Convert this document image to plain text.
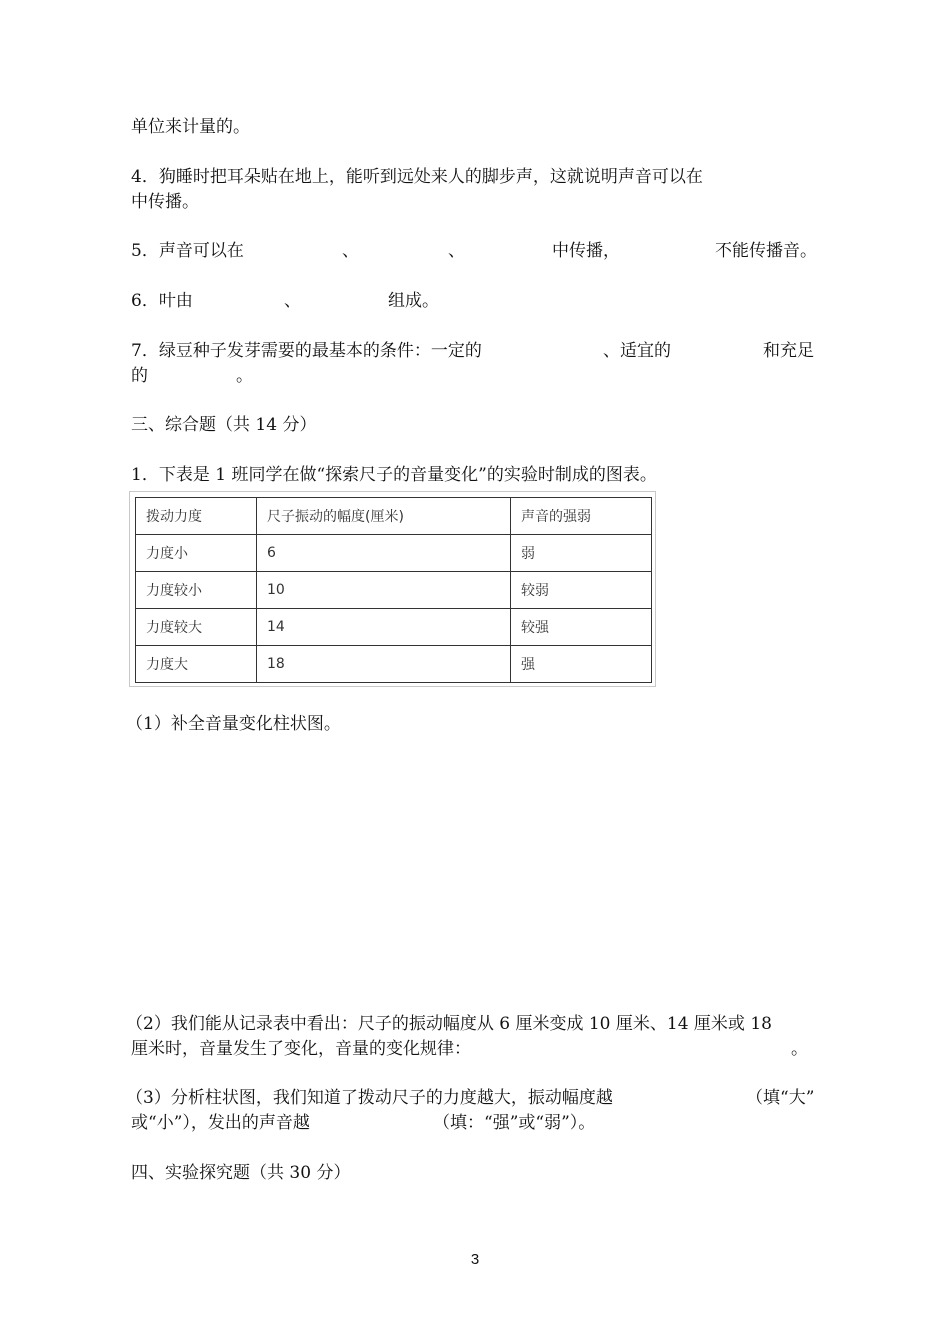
单位来计量的。
4．狗睡时把耳朵贴在地上，能听到远处来人的脚步声，这就说明声音可以在
中传播。
5．声音可以在	、	、	中传播，	不能传播音。
6．叶由	、	组成。
7．绿豆种子发芽需要的最基本的条件：一定的	、适宜的	和充足
的	。
三、综合题（共 14 分）
1．下表是 1 班同学在做“探索尺子的音量变化”的实验时制成的图表。
拨动力度	尺子振动的幅度(厘米)	声音的强弱
力度小	6	弱
力度较小	10	较弱
力度较大	14	较强
力度大	18	强
（1）补全音量变化柱状图。
（2）我们能从记录表中看出：尺子的振动幅度从 6 厘米变成 10 厘米、14 厘米或 18
厘米时，音量发生了变化，音量的变化规律：	。
（3）分析柱状图，我们知道了拨动尺子的力度越大，振动幅度越	（填“大”
或“小”），发出的声音越	（填：“强”或“弱”）。
四、实验探究题（共 30 分）
3
